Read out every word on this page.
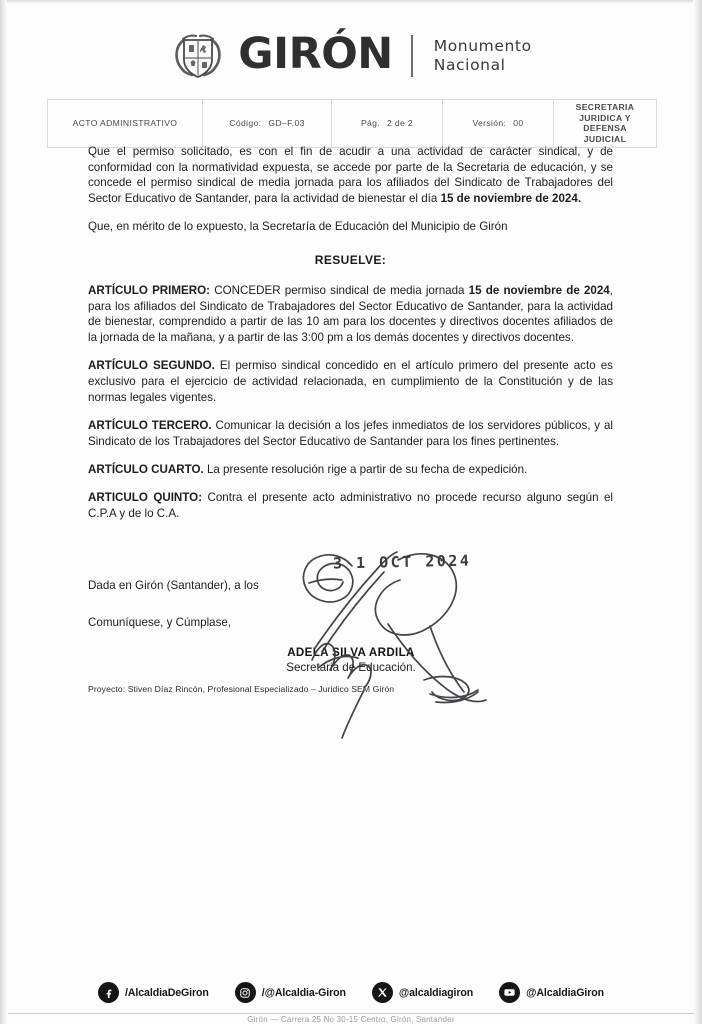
GIRÓN	Monumento
Nacional
ACTO ADMINISTRATIVO	Código: GD–F.03	Pág. 2 de 2	Versión: 00	SECRETARIA JURIDICA Y DEFENSA
JUDICIAL

Que el permiso solicitado, es con el fin de acudir a una actividad de carácter sindical, y de conformidad con la normatividad expuesta, se accede por parte de la Secretaria de educación, y se concede el permiso sindical de media jornada para los afiliados del Sindicato de Trabajadores del Sector Educativo de Santander, para la actividad de bienestar el día 15 de noviembre de 2024.

Que, en mérito de lo expuesto, la Secretaría de Educación del Municipio de Girón

RESUELVE:

ARTÍCULO PRIMERO: CONCEDER permiso sindical de media jornada 15 de noviembre de 2024, para los afiliados del Sindicato de Trabajadores del Sector Educativo de Santander, para la actividad de bienestar, comprendido a partir de las 10 am para los docentes y directivos docentes afiliados de la jornada de la mañana, y a partir de las 3:00 pm a los demás docentes y directivos docentes.

ARTÍCULO SEGUNDO. El permiso sindical concedido en el artículo primero del presente acto es exclusivo para el ejercicio de actividad relacionada, en cumplimiento de la Constitución y de las normas legales vigentes.

ARTÍCULO TERCERO. Comunicar la decisión a los jefes inmediatos de los servidores públicos, y al Sindicato de los Trabajadores del Sector Educativo de Santander para los fines pertinentes.

ARTÍCULO CUARTO. La presente resolución rige a partir de su fecha de expedición.

ARTICULO QUINTO: Contra el presente acto administrativo no procede recurso alguno según el C.P.A y de lo C.A.

Dada en Girón (Santander), a los

Comuníquese, y Cúmplase,

ADELA SILVA ARDILA
Secretaria de Educación.
Proyecto: Stiven Díaz Rincón, Profesional Especializado – Juridico SEM Girón
3 1 OCT 2024
/AlcaldiaDeGiron	/@Alcaldia-Giron	@alcaldiagiron	@AlcaldiaGiron
Girón — Carrera 25 No 30-15 Centro, Girón, Santander
